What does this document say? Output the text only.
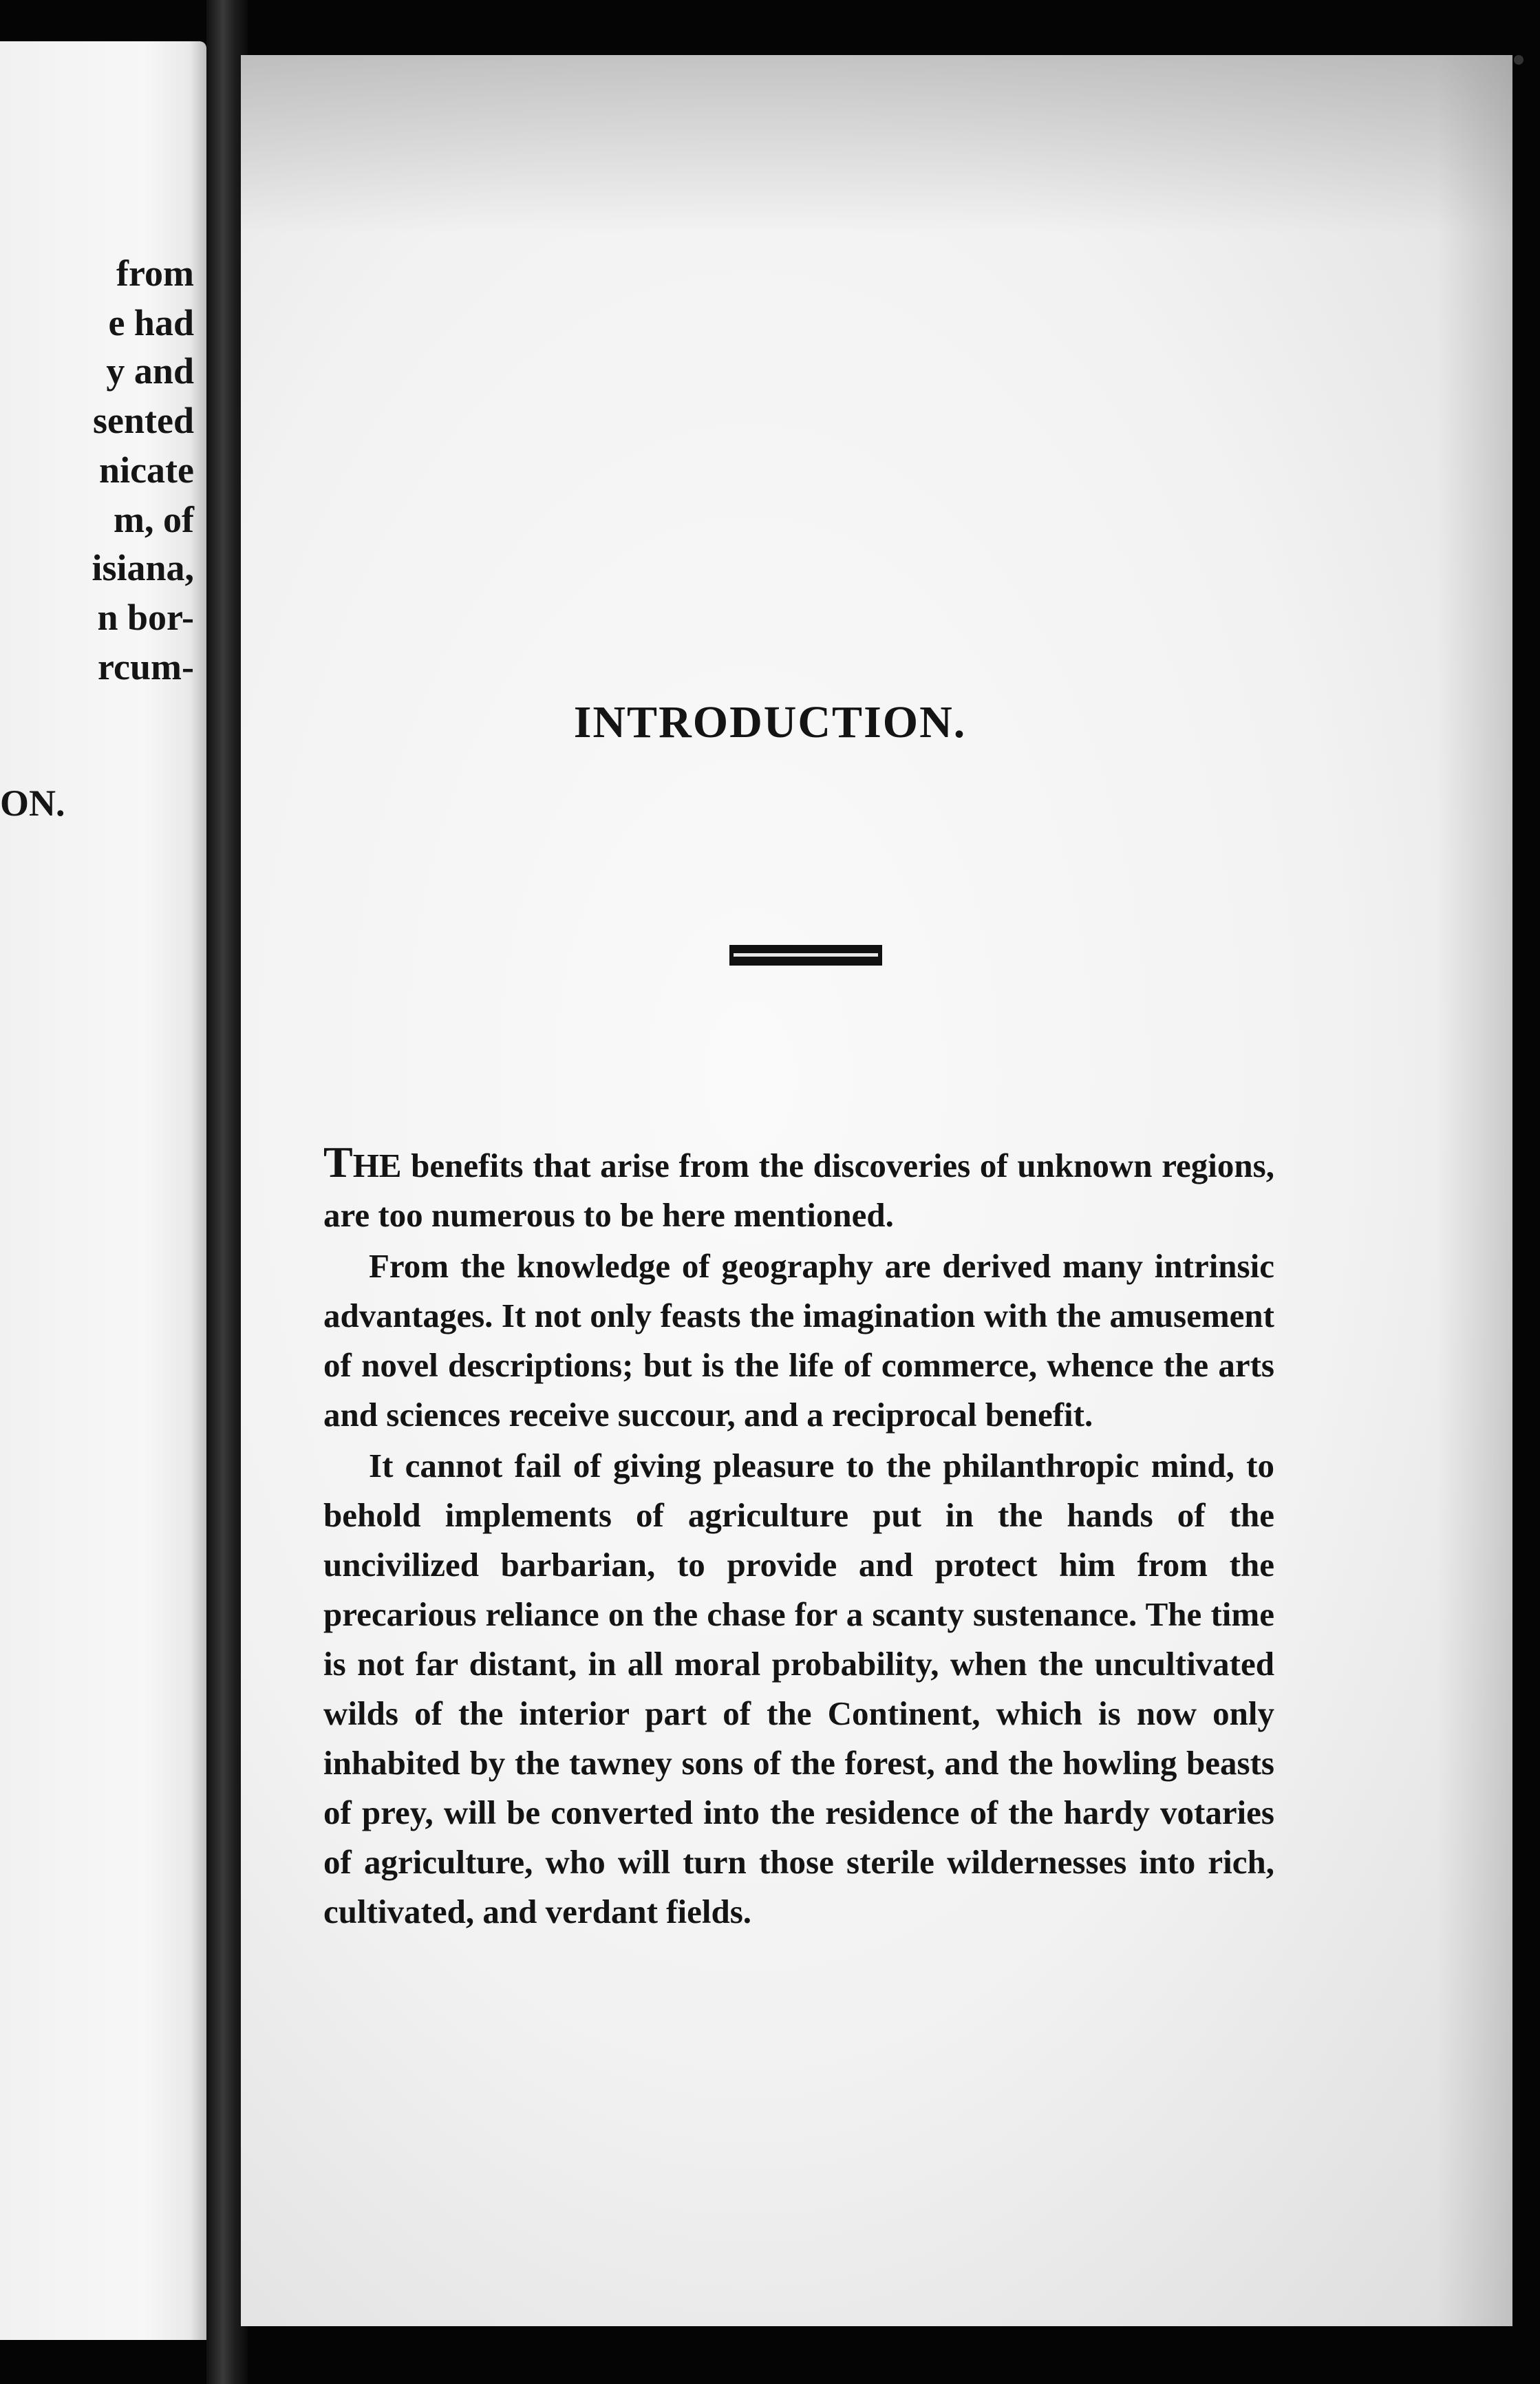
from

e had

y and

sented

nicate

m, of

isiana,

n bor-

rcum-

ON.

INTRODUCTION.

THE benefits that arise from the discoveries of unknown regions, are too numerous to be here mentioned.

From the knowledge of geography are derived many intrinsic advantages. It not only feasts the imagination with the amusement of novel descriptions; but is the life of commerce, whence the arts and sciences receive succour, and a reciprocal benefit.

It cannot fail of giving pleasure to the philanthropic mind, to behold implements of agriculture put in the hands of the uncivilized barbarian, to provide and protect him from the precarious reliance on the chase for a scanty sustenance. The time is not far distant, in all moral probability, when the uncultivated wilds of the interior part of the Continent, which is now only inhabited by the tawney sons of the forest, and the howling beasts of prey, will be converted into the residence of the hardy votaries of agriculture, who will turn those sterile wildernesses into rich, cultivated, and verdant fields.
